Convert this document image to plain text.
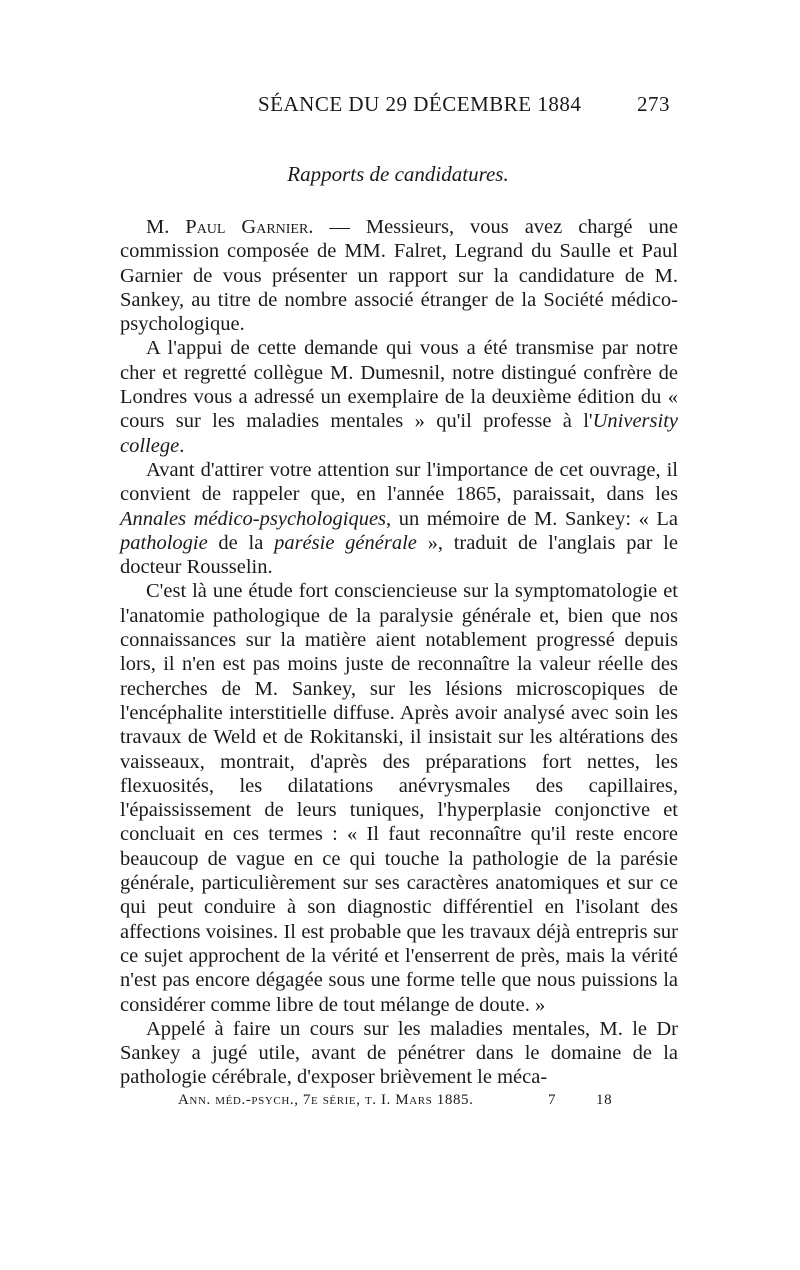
SÉANCE DU 29 DÉCEMBRE 1884	273
Rapports de candidatures.

M. Paul Garnier. — Messieurs, vous avez chargé une commission composée de MM. Falret, Legrand du Saulle et Paul Garnier de vous présenter un rapport sur la candidature de M. Sankey, au titre de nombre associé étranger de la Société médico-psychologique.

A l'appui de cette demande qui vous a été transmise par notre cher et regretté collègue M. Dumesnil, notre distingué confrère de Londres vous a adressé un exemplaire de la deuxième édition du « cours sur les maladies mentales » qu'il professe à l'University college.

Avant d'attirer votre attention sur l'importance de cet ouvrage, il convient de rappeler que, en l'année 1865, paraissait, dans les Annales médico-psychologiques, un mémoire de M. Sankey: « La pathologie de la parésie générale », traduit de l'anglais par le docteur Rousselin.

C'est là une étude fort consciencieuse sur la symptomatologie et l'anatomie pathologique de la paralysie générale et, bien que nos connaissances sur la matière aient notablement progressé depuis lors, il n'en est pas moins juste de reconnaître la valeur réelle des recherches de M. Sankey, sur les lésions microscopiques de l'encéphalite interstitielle diffuse. Après avoir analysé avec soin les travaux de Weld et de Rokitanski, il insistait sur les altérations des vaisseaux, montrait, d'après des préparations fort nettes, les flexuosités, les dilatations anévrysmales des capillaires, l'épaississement de leurs tuniques, l'hyperplasie conjonctive et concluait en ces termes : « Il faut reconnaître qu'il reste encore beaucoup de vague en ce qui touche la pathologie de la parésie générale, particulièrement sur ses caractères anatomiques et sur ce qui peut conduire à son diagnostic différentiel en l'isolant des affections voisines. Il est probable que les travaux déjà entrepris sur ce sujet approchent de la vérité et l'enserrent de près, mais la vérité n'est pas encore dégagée sous une forme telle que nous puissions la considérer comme libre de tout mélange de doute. »

Appelé à faire un cours sur les maladies mentales, M. le Dr Sankey a jugé utile, avant de pénétrer dans le domaine de la pathologie cérébrale, d'exposer brièvement le méca-

Ann. méd.-psych., 7e série, t. I. Mars 1885.	7	18
